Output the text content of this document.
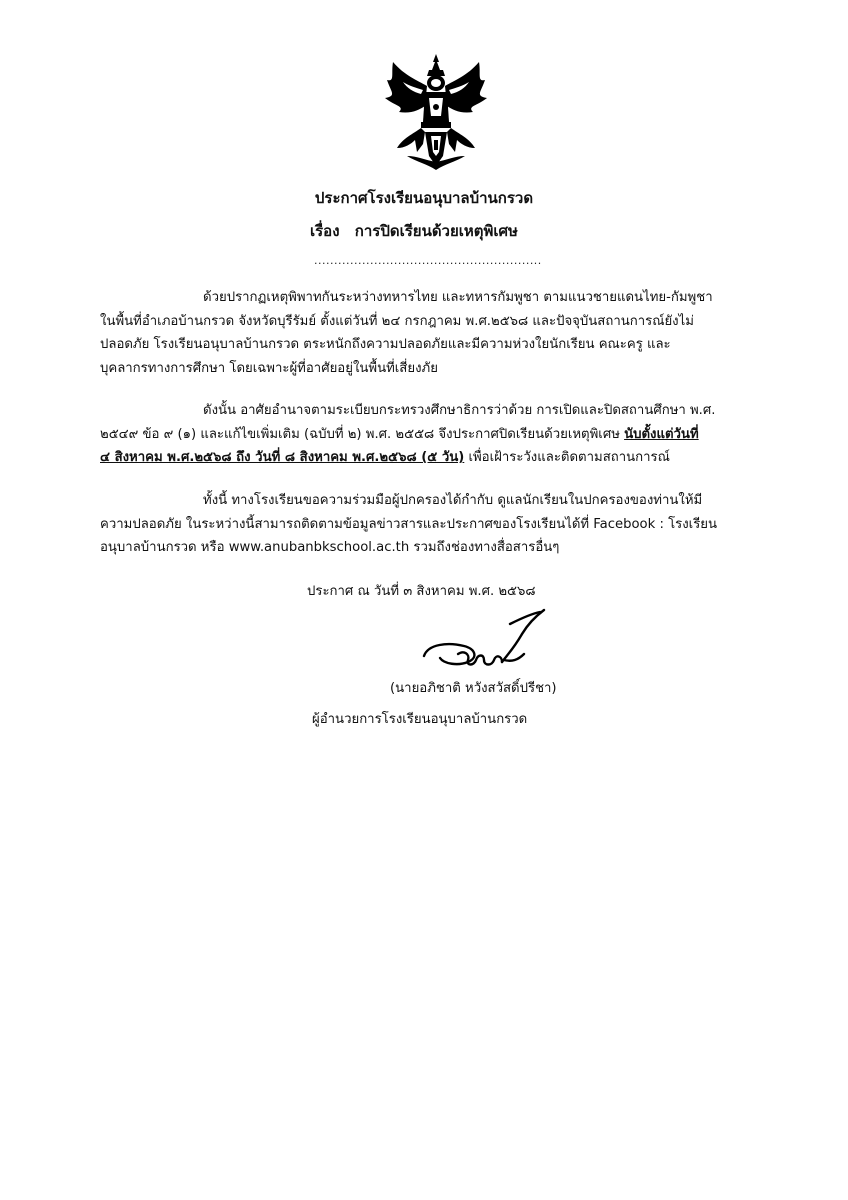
ประกาศโรงเรียนอนุบาลบ้านกรวด
เรื่อง การปิดเรียนด้วยเหตุพิเศษ
.........................................................
ด้วยปรากฏเหตุพิพาทกันระหว่างทหารไทย และทหารกัมพูชา ตามแนวชายแดนไทย-กัมพูชา
ในพื้นที่อำเภอบ้านกรวด จังหวัดบุรีรัมย์ ตั้งแต่วันที่ ๒๔ กรกฎาคม พ.ศ.๒๕๖๘ และปัจจุบันสถานการณ์ยังไม่
ปลอดภัย โรงเรียนอนุบาลบ้านกรวด ตระหนักถึงความปลอดภัยและมีความห่วงใยนักเรียน คณะครู และ
บุคลากรทางการศึกษา โดยเฉพาะผู้ที่อาศัยอยู่ในพื้นที่เสี่ยงภัย
ดังนั้น อาศัยอำนาจตามระเบียบกระทรวงศึกษาธิการว่าด้วย การเปิดและปิดสถานศึกษา พ.ศ.
๒๕๔๙ ข้อ ๙ (๑) และแก้ไขเพิ่มเติม (ฉบับที่ ๒) พ.ศ. ๒๕๕๘ จึงประกาศปิดเรียนด้วยเหตุพิเศษ นับตั้งแต่วันที่
๔ สิงหาคม พ.ศ.๒๕๖๘ ถึง วันที่ ๘ สิงหาคม พ.ศ.๒๕๖๘ (๕ วัน) เพื่อเฝ้าระวังและติดตามสถานการณ์
ทั้งนี้ ทางโรงเรียนขอความร่วมมือผู้ปกครองได้กำกับ ดูแลนักเรียนในปกครองของท่านให้มี
ความปลอดภัย ในระหว่างนี้สามารถติดตามข้อมูลข่าวสารและประกาศของโรงเรียนได้ที่ Facebook : โรงเรียน
อนุบาลบ้านกรวด หรือ www.anubanbkschool.ac.th รวมถึงช่องทางสื่อสารอื่นๆ
ประกาศ ณ วันที่ ๓ สิงหาคม พ.ศ. ๒๕๖๘
(นายอภิชาติ หวังสวัสดิ์ปรีชา)
ผู้อำนวยการโรงเรียนอนุบาลบ้านกรวด
